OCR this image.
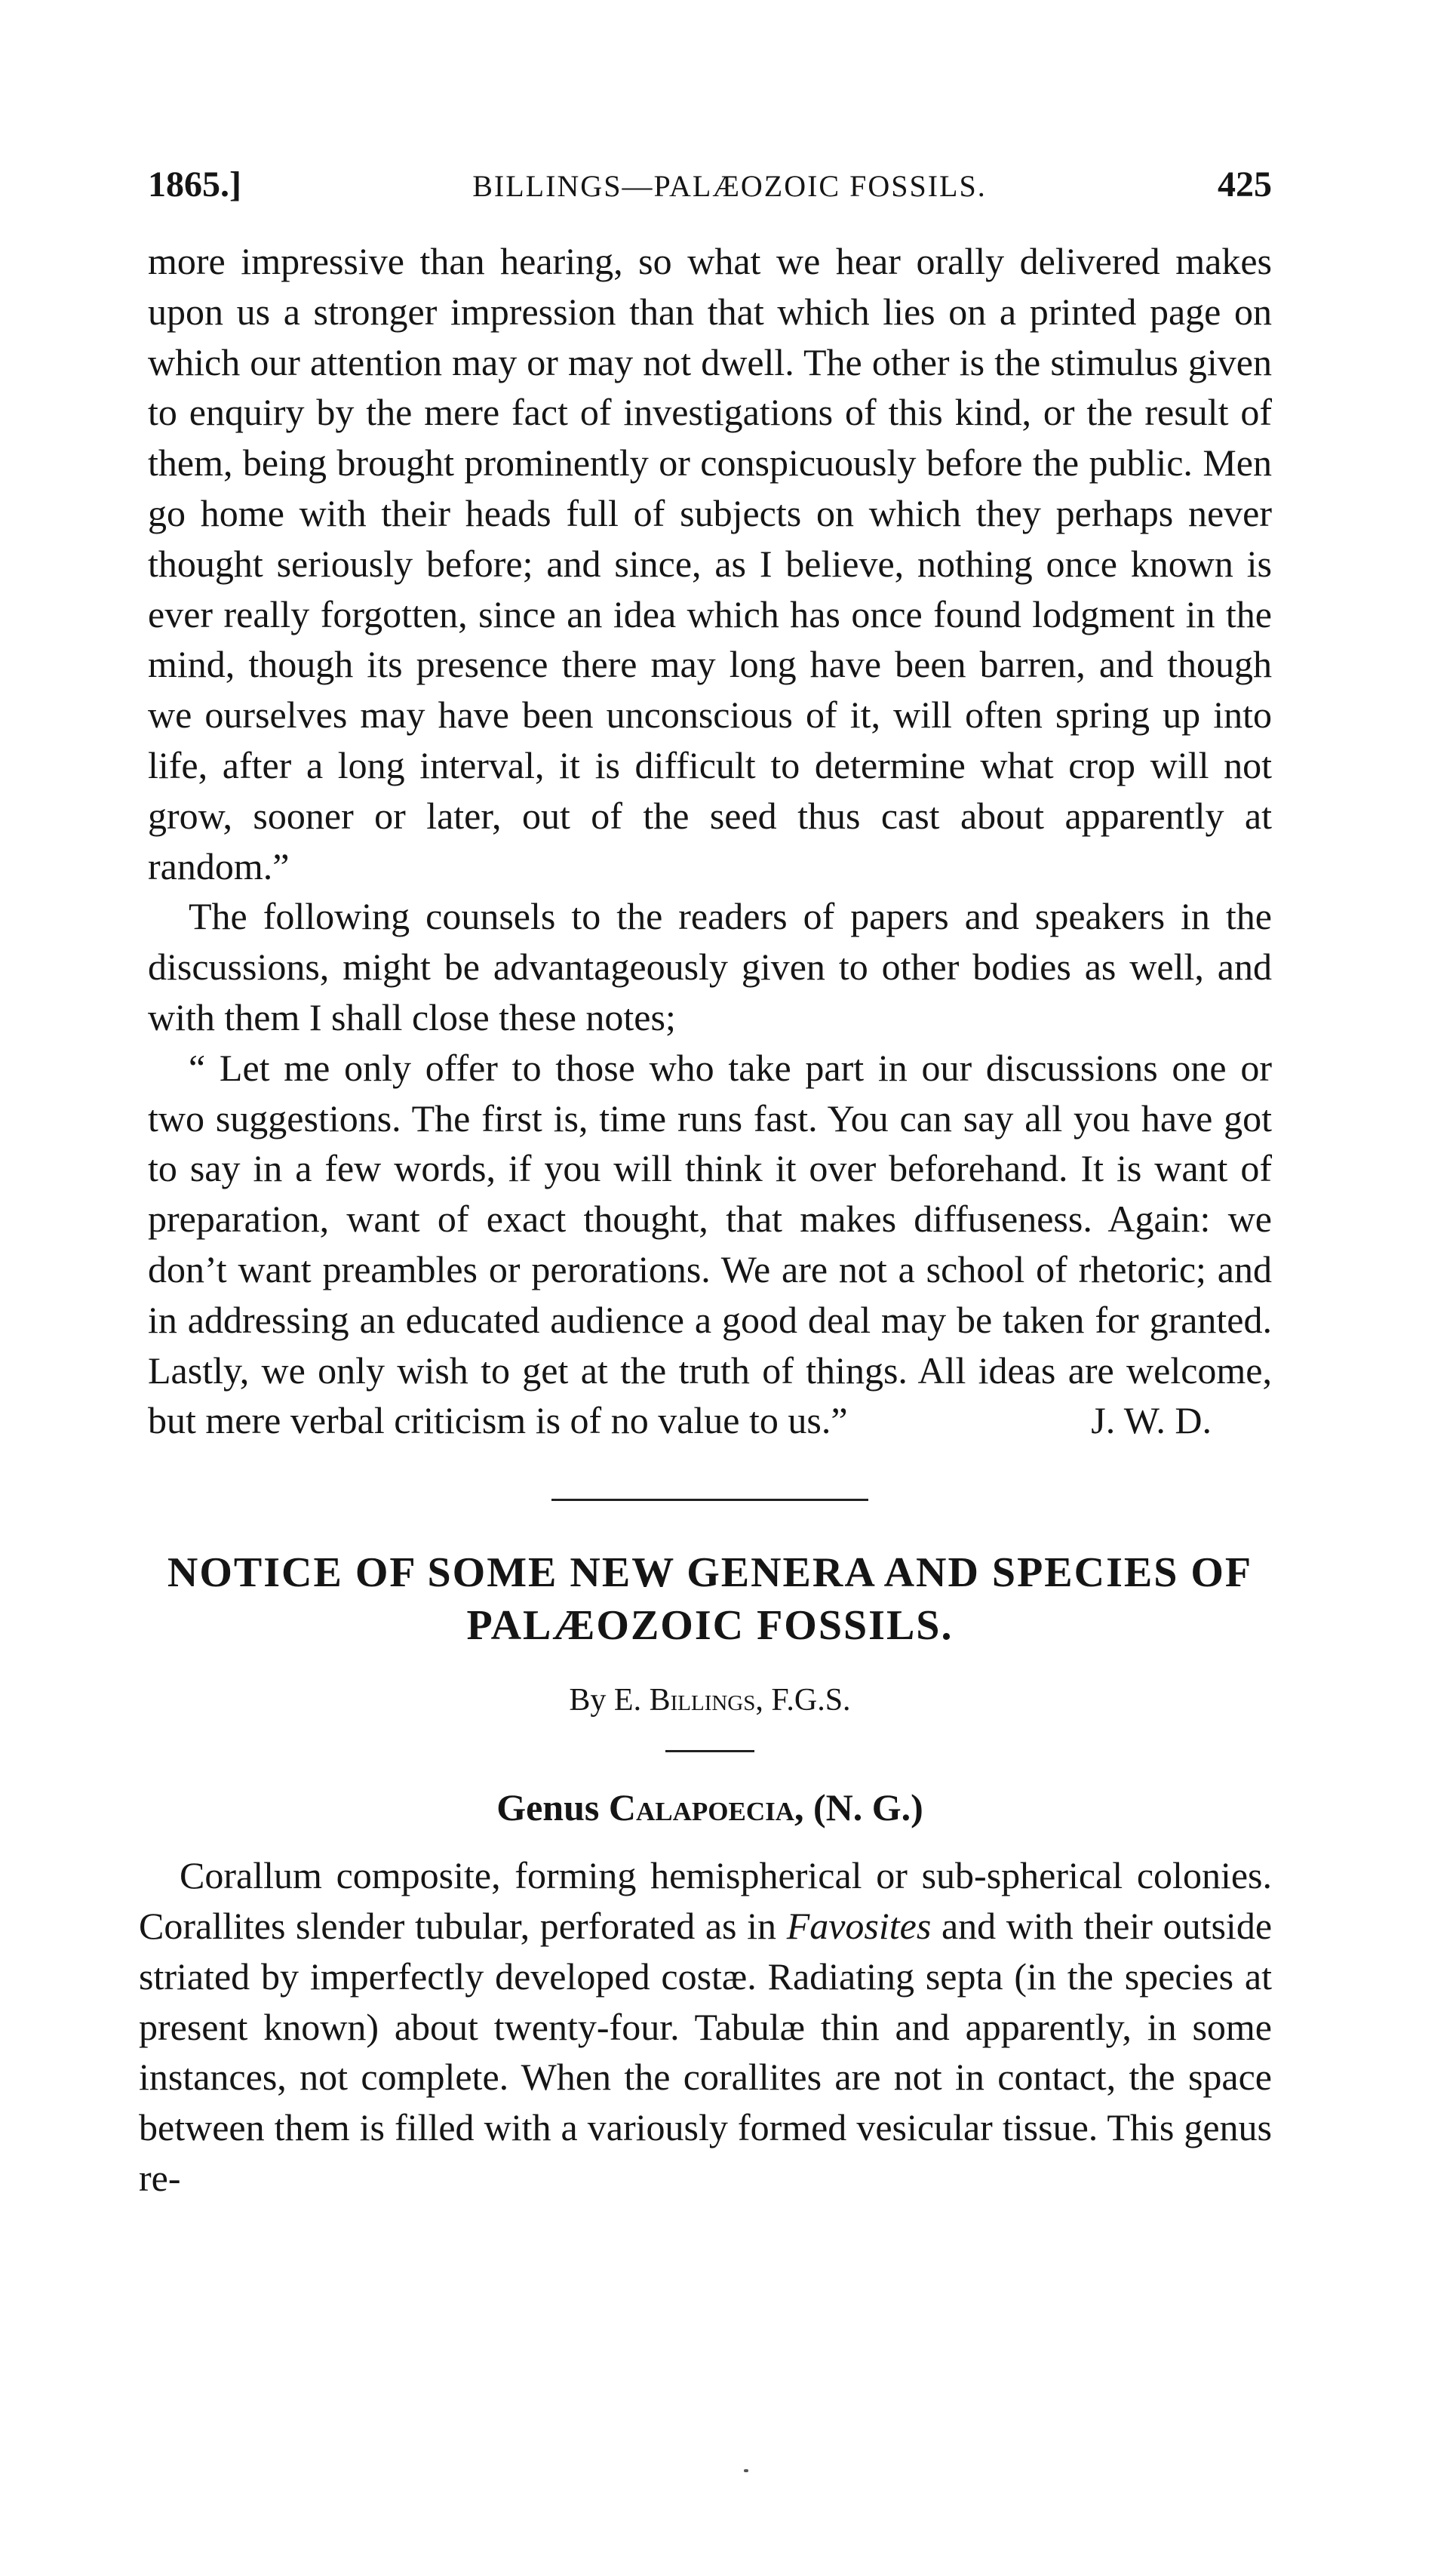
1865.]	BILLINGS—PALÆOZOIC FOSSILS.	425

more impressive than hearing, so what we hear orally delivered makes upon us a stronger impression than that which lies on a printed page on which our attention may or may not dwell. The other is the stimulus given to enquiry by the mere fact of investigations of this kind, or the result of them, being brought prominently or conspicuously before the public. Men go home with their heads full of subjects on which they perhaps never thought seriously before; and since, as I believe, nothing once known is ever really forgotten, since an idea which has once found lodgment in the mind, though its presence there may long have been barren, and though we ourselves may have been unconscious of it, will often spring up into life, after a long interval, it is difficult to determine what crop will not grow, sooner or later, out of the seed thus cast about apparently at random.”

The following counsels to the readers of papers and speakers in the discussions, might be advantageously given to other bodies as well, and with them I shall close these notes;

“ Let me only offer to those who take part in our discussions one or two suggestions. The first is, time runs fast. You can say all you have got to say in a few words, if you will think it over beforehand. It is want of preparation, want of exact thought, that makes diffuseness. Again: we don’t want preambles or perorations. We are not a school of rhetoric; and in addressing an educated audience a good deal may be taken for granted. Lastly, we only wish to get at the truth of things. All ideas are welcome, but mere verbal criticism is of no value to us.”	J. W. D.

NOTICE OF SOME NEW GENERA AND SPECIES OF
PALÆOZOIC FOSSILS.

By E. Billings, F.G.S.

Genus Calapoecia, (N. G.)

Corallum composite, forming hemispherical or sub-spherical colonies. Corallites slender tubular, perforated as in Favosites and with their outside striated by imperfectly developed costæ. Radiating septa (in the species at present known) about twenty-four. Tabulæ thin and apparently, in some instances, not complete. When the corallites are not in contact, the space between them is filled with a variously formed vesicular tissue. This genus re-
